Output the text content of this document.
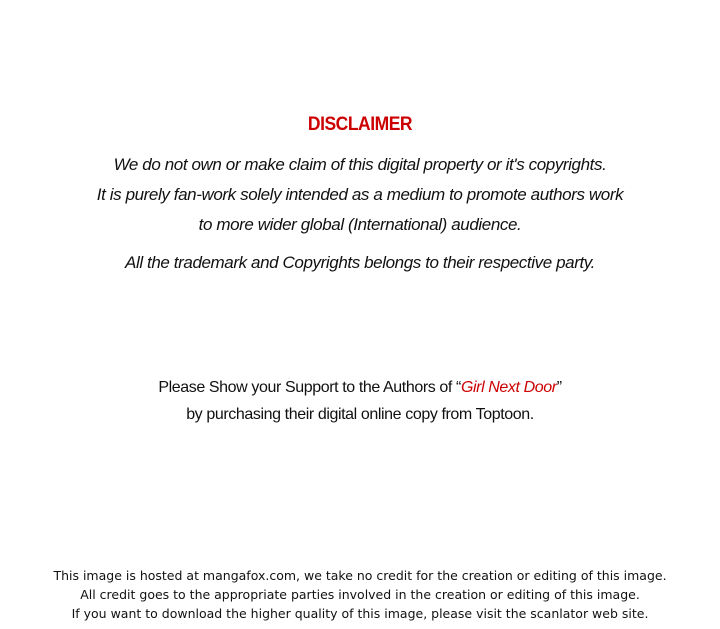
DISCLAIMER
We do not own or make claim of this digital property or it's copyrights.
It is purely fan-work solely intended as a medium to promote authors work
to more wider global (International) audience.
All the trademark and Copyrights belongs to their respective party.
Please Show your Support to the Authors of “Girl Next Door”
by purchasing their digital online copy from Toptoon.
This image is hosted at mangafox.com, we take no credit for the creation or editing of this image.
All credit goes to the appropriate parties involved in the creation or editing of this image.
If you want to download the higher quality of this image, please visit the scanlator web site.
